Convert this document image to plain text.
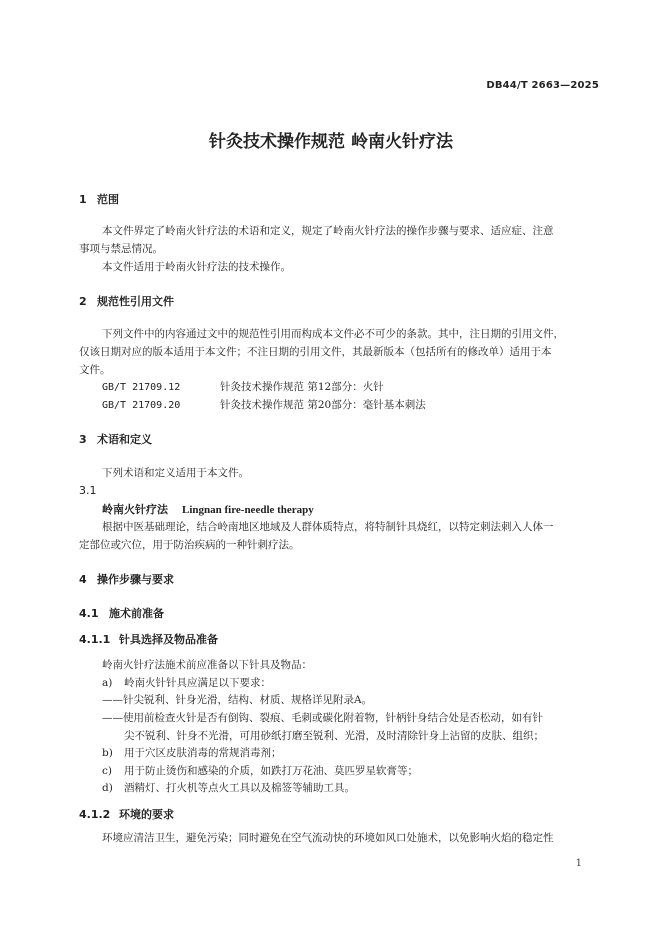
DB44/T 2663—2025
针灸技术操作规范 岭南火针疗法
1 范围
本文件界定了岭南火针疗法的术语和定义，规定了岭南火针疗法的操作步骤与要求、适应症、注意
事项与禁忌情况。
本文件适用于岭南火针疗法的技术操作。
2 规范性引用文件
下列文件中的内容通过文中的规范性引用而构成本文件必不可少的条款。其中，注日期的引用文件，
仅该日期对应的版本适用于本文件；不注日期的引用文件，其最新版本（包括所有的修改单）适用于本
文件。
GB/T 21709.12	针灸技术操作规范 第12部分：火针
GB/T 21709.20	针灸技术操作规范 第20部分：毫针基本刺法
3 术语和定义
下列术语和定义适用于本文件。
3.1
岭南火针疗法 Lingnan fire-needle therapy
根据中医基础理论，结合岭南地区地域及人群体质特点，将特制针具烧红，以特定刺法刺入人体一
定部位或穴位，用于防治疾病的一种针刺疗法。
4 操作步骤与要求
4.1 施术前准备
4.1.1 针具选择及物品准备
岭南火针疗法施术前应准备以下针具及物品：
a) 岭南火针针具应满足以下要求：
——针尖锐利、针身光滑，结构、材质、规格详见附录A。
——使用前检查火针是否有倒钩、裂痕、毛刺或碳化附着物，针柄针身结合处是否松动，如有针
尖不锐利、针身不光滑，可用砂纸打磨至锐利、光滑，及时清除针身上沾留的皮肤、组织；
b) 用于穴区皮肤消毒的常规消毒剂；
c) 用于防止烫伤和感染的介质，如跌打万花油、莫匹罗星软膏等；
d) 酒精灯、打火机等点火工具以及棉签等辅助工具。
4.1.2 环境的要求
环境应清洁卫生，避免污染；同时避免在空气流动快的环境如风口处施术，以免影响火焰的稳定性
1
